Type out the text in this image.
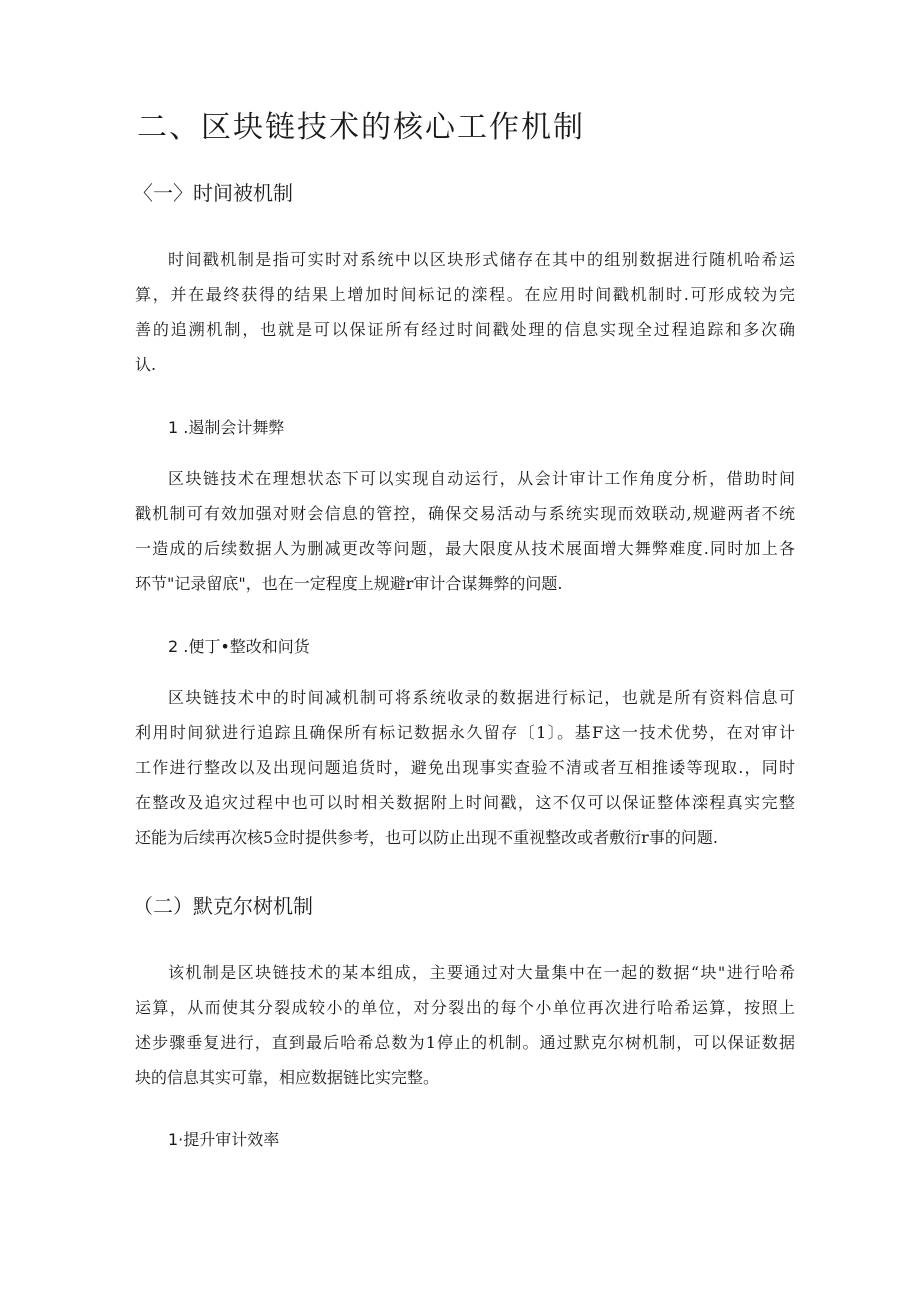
二、区块链技术的核心工作机制
〈一〉时间被机制
时间戳机制是指可实时对系统中以区块形式储存在其中的组别数据进行随机哈希运
算，并在最终获得的结果上增加时间标记的滦程。在应用时间戳机制时.可形成较为完
善的追溯机制，也就是可以保证所有经过时间戳处理的信息实现全过程追踪和多次确
认.
1 .遏制会计舞弊
区块链技术在理想状态下可以实现自动运行，从会计审计工作角度分析，借助时间
戳机制可有效加强对财会信息的管控，确保交易活动与系统实现而效联动,规避两者不统
一造成的后续数据人为删减更改等问题，最大限度从技术展面增大舞弊难度.同时加上各
环节"记录留底"，也在一定程度上规避r审计合谋舞弊的问题.
2 .便丁•整改和问货
区块链技术中的时间减机制可将系统收录的数据进行标记，也就是所有资料信息可
利用时间狱进行追踪且确保所有标记数据永久留存〔1〕。基F这一技术优势，在对审计
工作进行整改以及出现问题追货时，避免出现事实查验不清或者互相推诿等现取.，同时
在整改及追灾过程中也可以时相关数据附上时间戳，这不仅可以保证整体滦程真实完整
还能为后续再次核5佥时提供参考，也可以防止出现不重视整改或者敷衍r事的问题.
（二）默克尔树机制
该机制是区块链技术的某本组成，主要通过对大量集中在一起的数据“块"进行哈希
运算，从而使其分裂成较小的单位，对分裂出的每个小单位再次进行哈希运算，按照上
述步骤垂复进行，直到最后哈希总数为1停止的机制。通过默克尔树机制，可以保证数据
块的信息其实可靠，相应数据链比实完整。
1·提升审计效率
